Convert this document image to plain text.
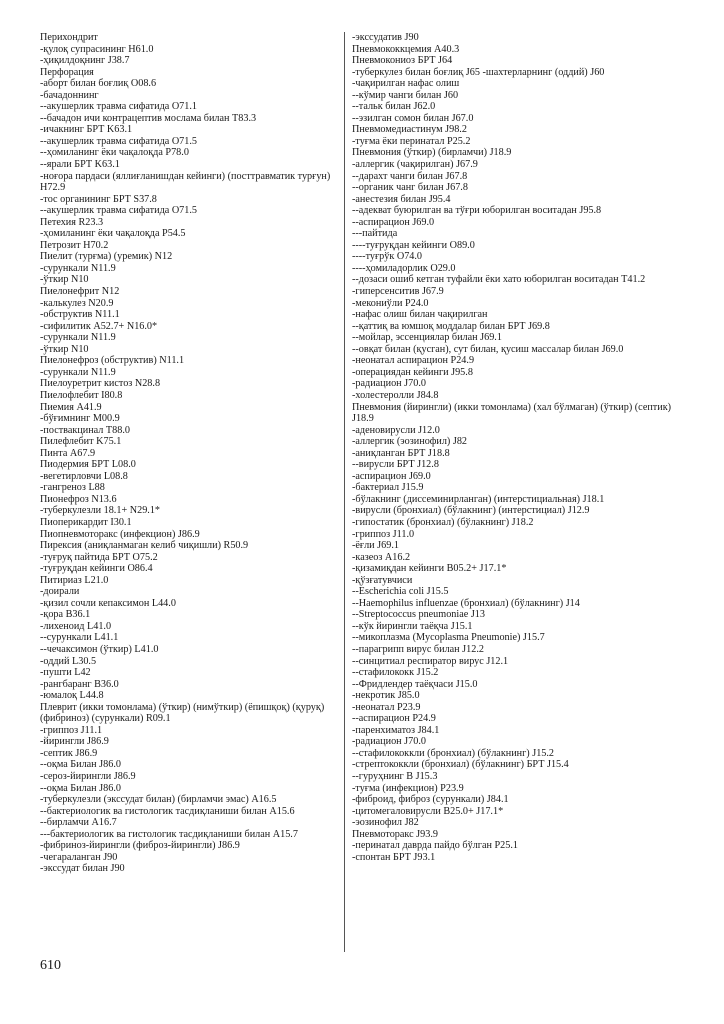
Перихондрит
-қулоқ супрасининг H61.0
-ҳиқилдоқнинг J38.7
Перфорация
-аборт билан боғлиқ O08.6
-бачадоннинг
--акушерлик травма сифатида O71.1
--бачадон ичи контрацептив мослама билан T83.3
-ичакнинг БРТ K63.1
--акушерлик травма сифатида O71.5
--ҳомиланинг ёки чақалоқда P78.0
--ярали БРТ K63.1
-ноғора пардаси (яллиғланишдан кейинги) (посттравматик турғун) H72.9
-тос органининг БРТ S37.8
--акушерлик травма сифатида O71.5
Петехия R23.3
-ҳомиланинг ёки чақалоқда P54.5
Петрозит H70.2
Пиелит (турғма) (уремик) N12
-сурункали N11.9
-ўткир N10
Пиелонефрит N12
-калькулез N20.9
-обструктив N11.1
-сифилитик A52.7+ N16.0*
-сурункали N11.9
-ўткир N10
Пиелонефроз (обструктив) N11.1
-сурункали N11.9
Пиелоуретрит кистоз N28.8
Пиелофлебит I80.8
Пиемия A41.9
-бўғимнинг M00.9
-поствакцинал T88.0
Пилефлебит K75.1
Пинта A67.9
Пиодермия БРТ L08.0
-вегетирловчи L08.8
-гангреноз L88
Пионефроз N13.6
-туберкулезли 18.1+ N29.1*
Пиоперикардит I30.1
Пиопневмоторакс (инфекцион) J86.9
Пирексия (аниқланмаган келиб чиқишли) R50.9
-туғруқ пайтида БРТ O75.2
-туғруқдан кейинги O86.4
Питириаз L21.0
-доирали
-қизил сочли кепаксимон L44.0
-қора B36.1
-лихеноид L41.0
--сурункали L41.1
--чечаксимон (ўткир) L41.0
-оддий L30.5
-пушти L42
-рангбаранг B36.0
-юмалоқ L44.8
Плеврит (икки томонлама) (ўткир) (нимўткир) (ёпишқоқ) (қуруқ) (фибриноз) (сурункали) R09.1
-гриппоз J11.1
-йирингли J86.9
-септик J86.9
--оқма Билан J86.0
-сероз-йирингли J86.9
--оқма Билан J86.0
-туберкулезли (экссудат билан) (бирламчи эмас) A16.5
--бактериологик ва гистологик тасдиқланиши билан A15.6
--бирламчи A16.7
---бактериологик ва гистологик тасдиқланиши билан A15.7
-фибриноз-йирингли (фиброз-йирингли) J86.9
-чегараланган J90
-экссудат билан J90
-экссудатив J90
Пневмококкцемия A40.3
Пневмокониоз БРТ J64
-туберкулез билан боғлиқ J65 -шахтерларнинг (оддий) J60
-чақирилган нафас олиш
--кўмир чанги билан J60
--тальк билан J62.0
--эзилган сомон билан J67.0
Пневмомедиастинум J98.2
-туғма ёки перинатал P25.2
Пневмония (ўткир) (бирламчи) J18.9
-аллергик (чақирилган) J67.9
--дарахт чанги билан J67.8
--органик чанг билан J67.8
-анестезия билан J95.4
--адекват буюрилган ва тўғри юборилган воситадан J95.8
--аспирацион J69.0
---пайтида
----туғруқдан кейинги O89.0
----туғрўк O74.0
----ҳомиладорлик O29.0
--дозаси ошиб кетган туфайли ёки хато юборилган воситадан T41.2
-гиперсенситив J67.9
-мекониўли P24.0
-нафас олиш билан чақирилган
--қаттиқ ва юмшоқ моддалар билан БРТ J69.8
--мойлар, эссенциялар билан J69.1
--овқат билан (қусган), сут билан, қусиш массалар билан J69.0
-неонатал аспирацион P24.9
-операциядан кейинги J95.8
-радиацион J70.0
-холестеролли J84.8
Пневмония (йирингли) (икки томонлама) (хал бўлмаган) (ўткир) (септик) J18.9
-аденовирусли J12.0
-аллергик (эозинофил) J82
-аниқланган БРТ J18.8
--вирусли БРТ J12.8
-аспирацион J69.0
-бактериал J15.9
-бўлакнинг (диссеминирланган) (интерстициальная) J18.1
-вирусли (бронхиал) (бўлакнинг) (интерстициал) J12.9
-гипостатик (бронхиал) (бўлакнинг) J18.2
-гриппоз J11.0
-ёғли J69.1
-казеоз A16.2
-қизамиқдан кейинги B05.2+ J17.1*
-қўзғатувчиси
--Escherichia coli J15.5
--Haemophilus influenzae (бронхиал) (бўлакнинг) J14
--Streptococcus pneumoniae J13
--кўк йирингли таёқча J15.1
--микоплазма (Mycoplasma Pneumonie) J15.7
--парагрипп вирус билан J12.2
--синцитиал респиратор вирус J12.1
--стафилококк J15.2
--Фридлендер таёқчаси J15.0
-некротик J85.0
-неонатал P23.9
--аспирацион P24.9
-паренхиматоз J84.1
-радиацион J70.0
--стафилококкли (бронхиал) (бўлакнинг) J15.2
-стрептококкли (бронхиал) (бўлакнинг) БРТ J15.4
--гуруҳнинг B J15.3
-туғма (инфекцион) P23.9
-фиброид, фиброз (сурункали) J84.1
-цитомегаловирусли B25.0+ J17.1*
-эозинофил J82
Пневмоторакс J93.9
-перинатал даврда пайдо бўлган P25.1
-спонтан БРТ J93.1
610
